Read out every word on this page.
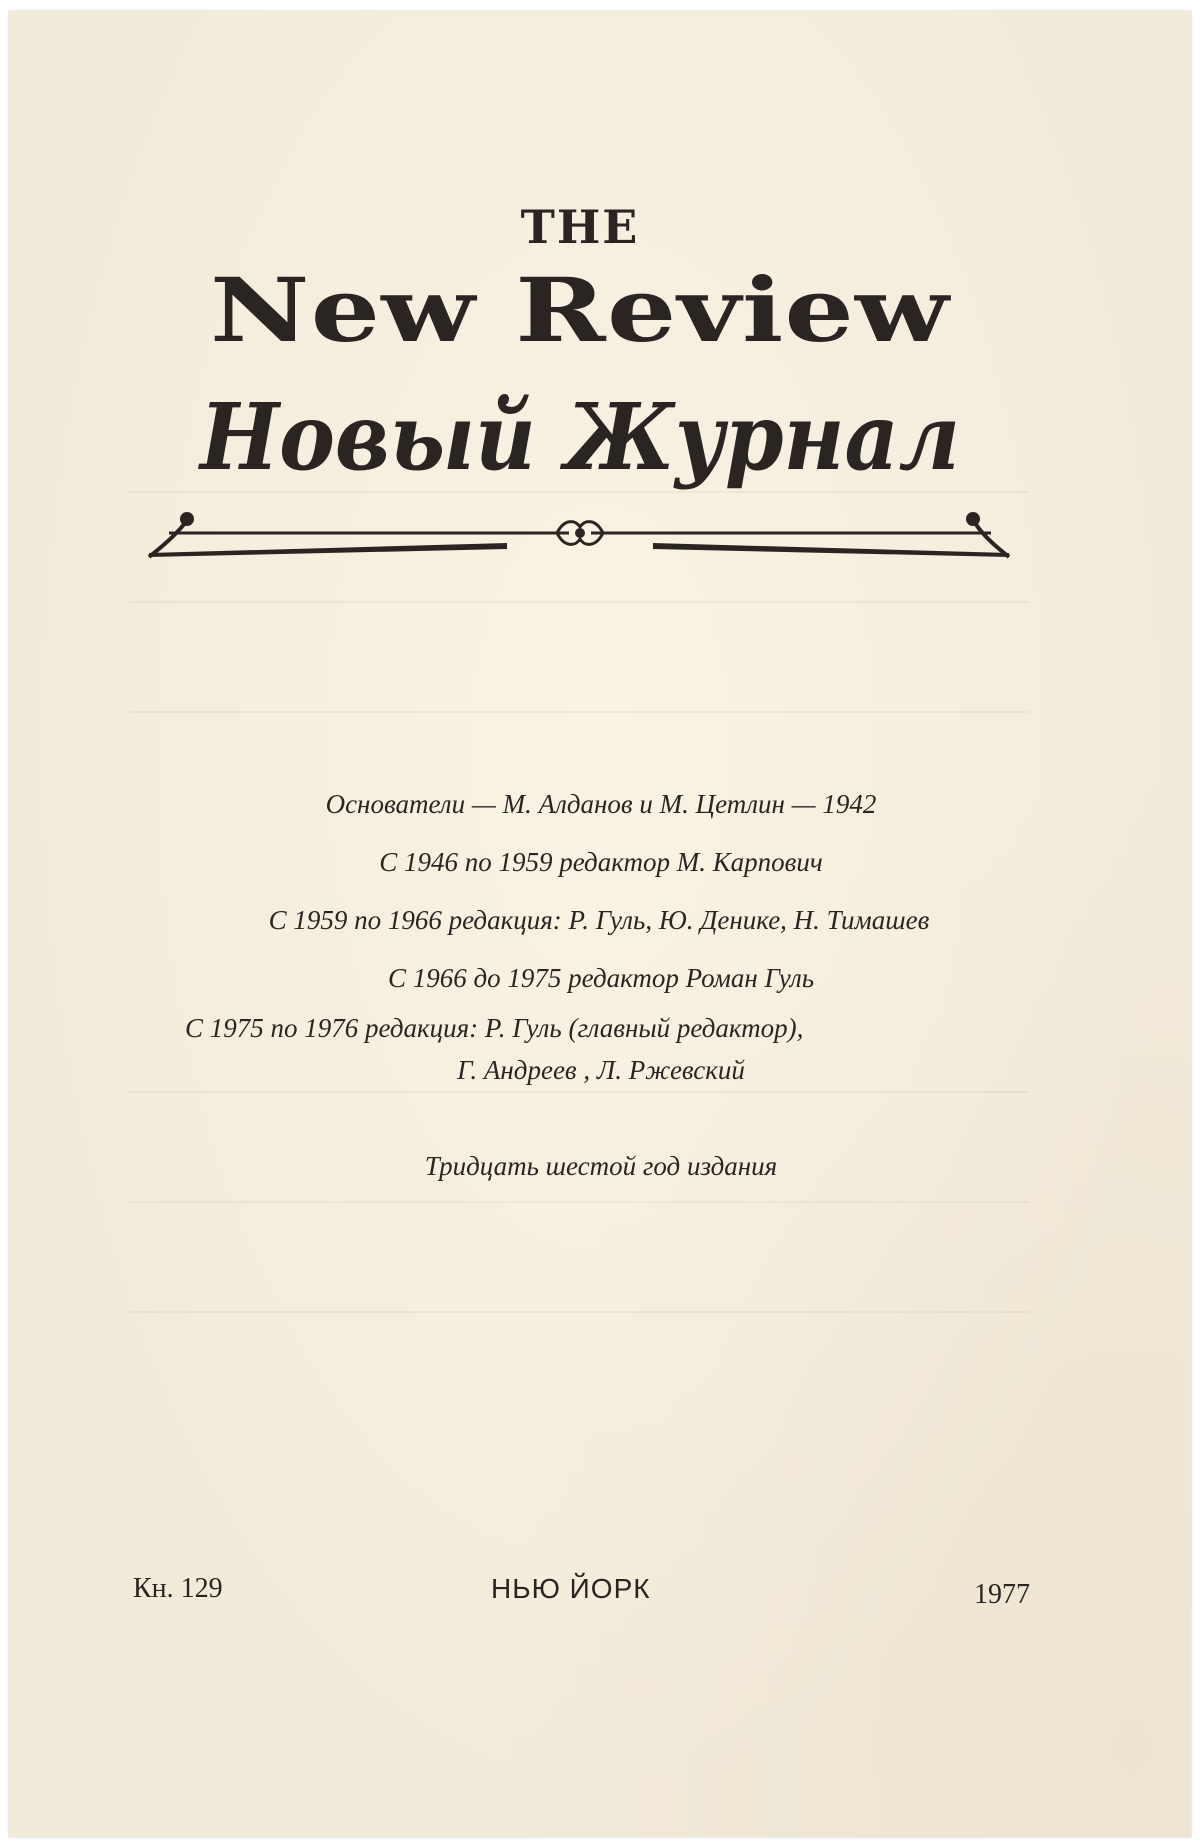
THE
New Review
Новый Журнал
Основатели — М. Алданов и М. Цетлин — 1942
С 1946 по 1959 редактор М. Карпович
С 1959 по 1966 редакция: Р. Гуль, Ю. Денике, Н. Тимашев
С 1966 до 1975 редактор Роман Гуль
С 1975 по 1976 редакция: Р. Гуль (главный редактор),
Г. Андреев , Л. Ржевский
Тридцать шестой год издания
Кн. 129	НЬЮ ЙОРК	1977
